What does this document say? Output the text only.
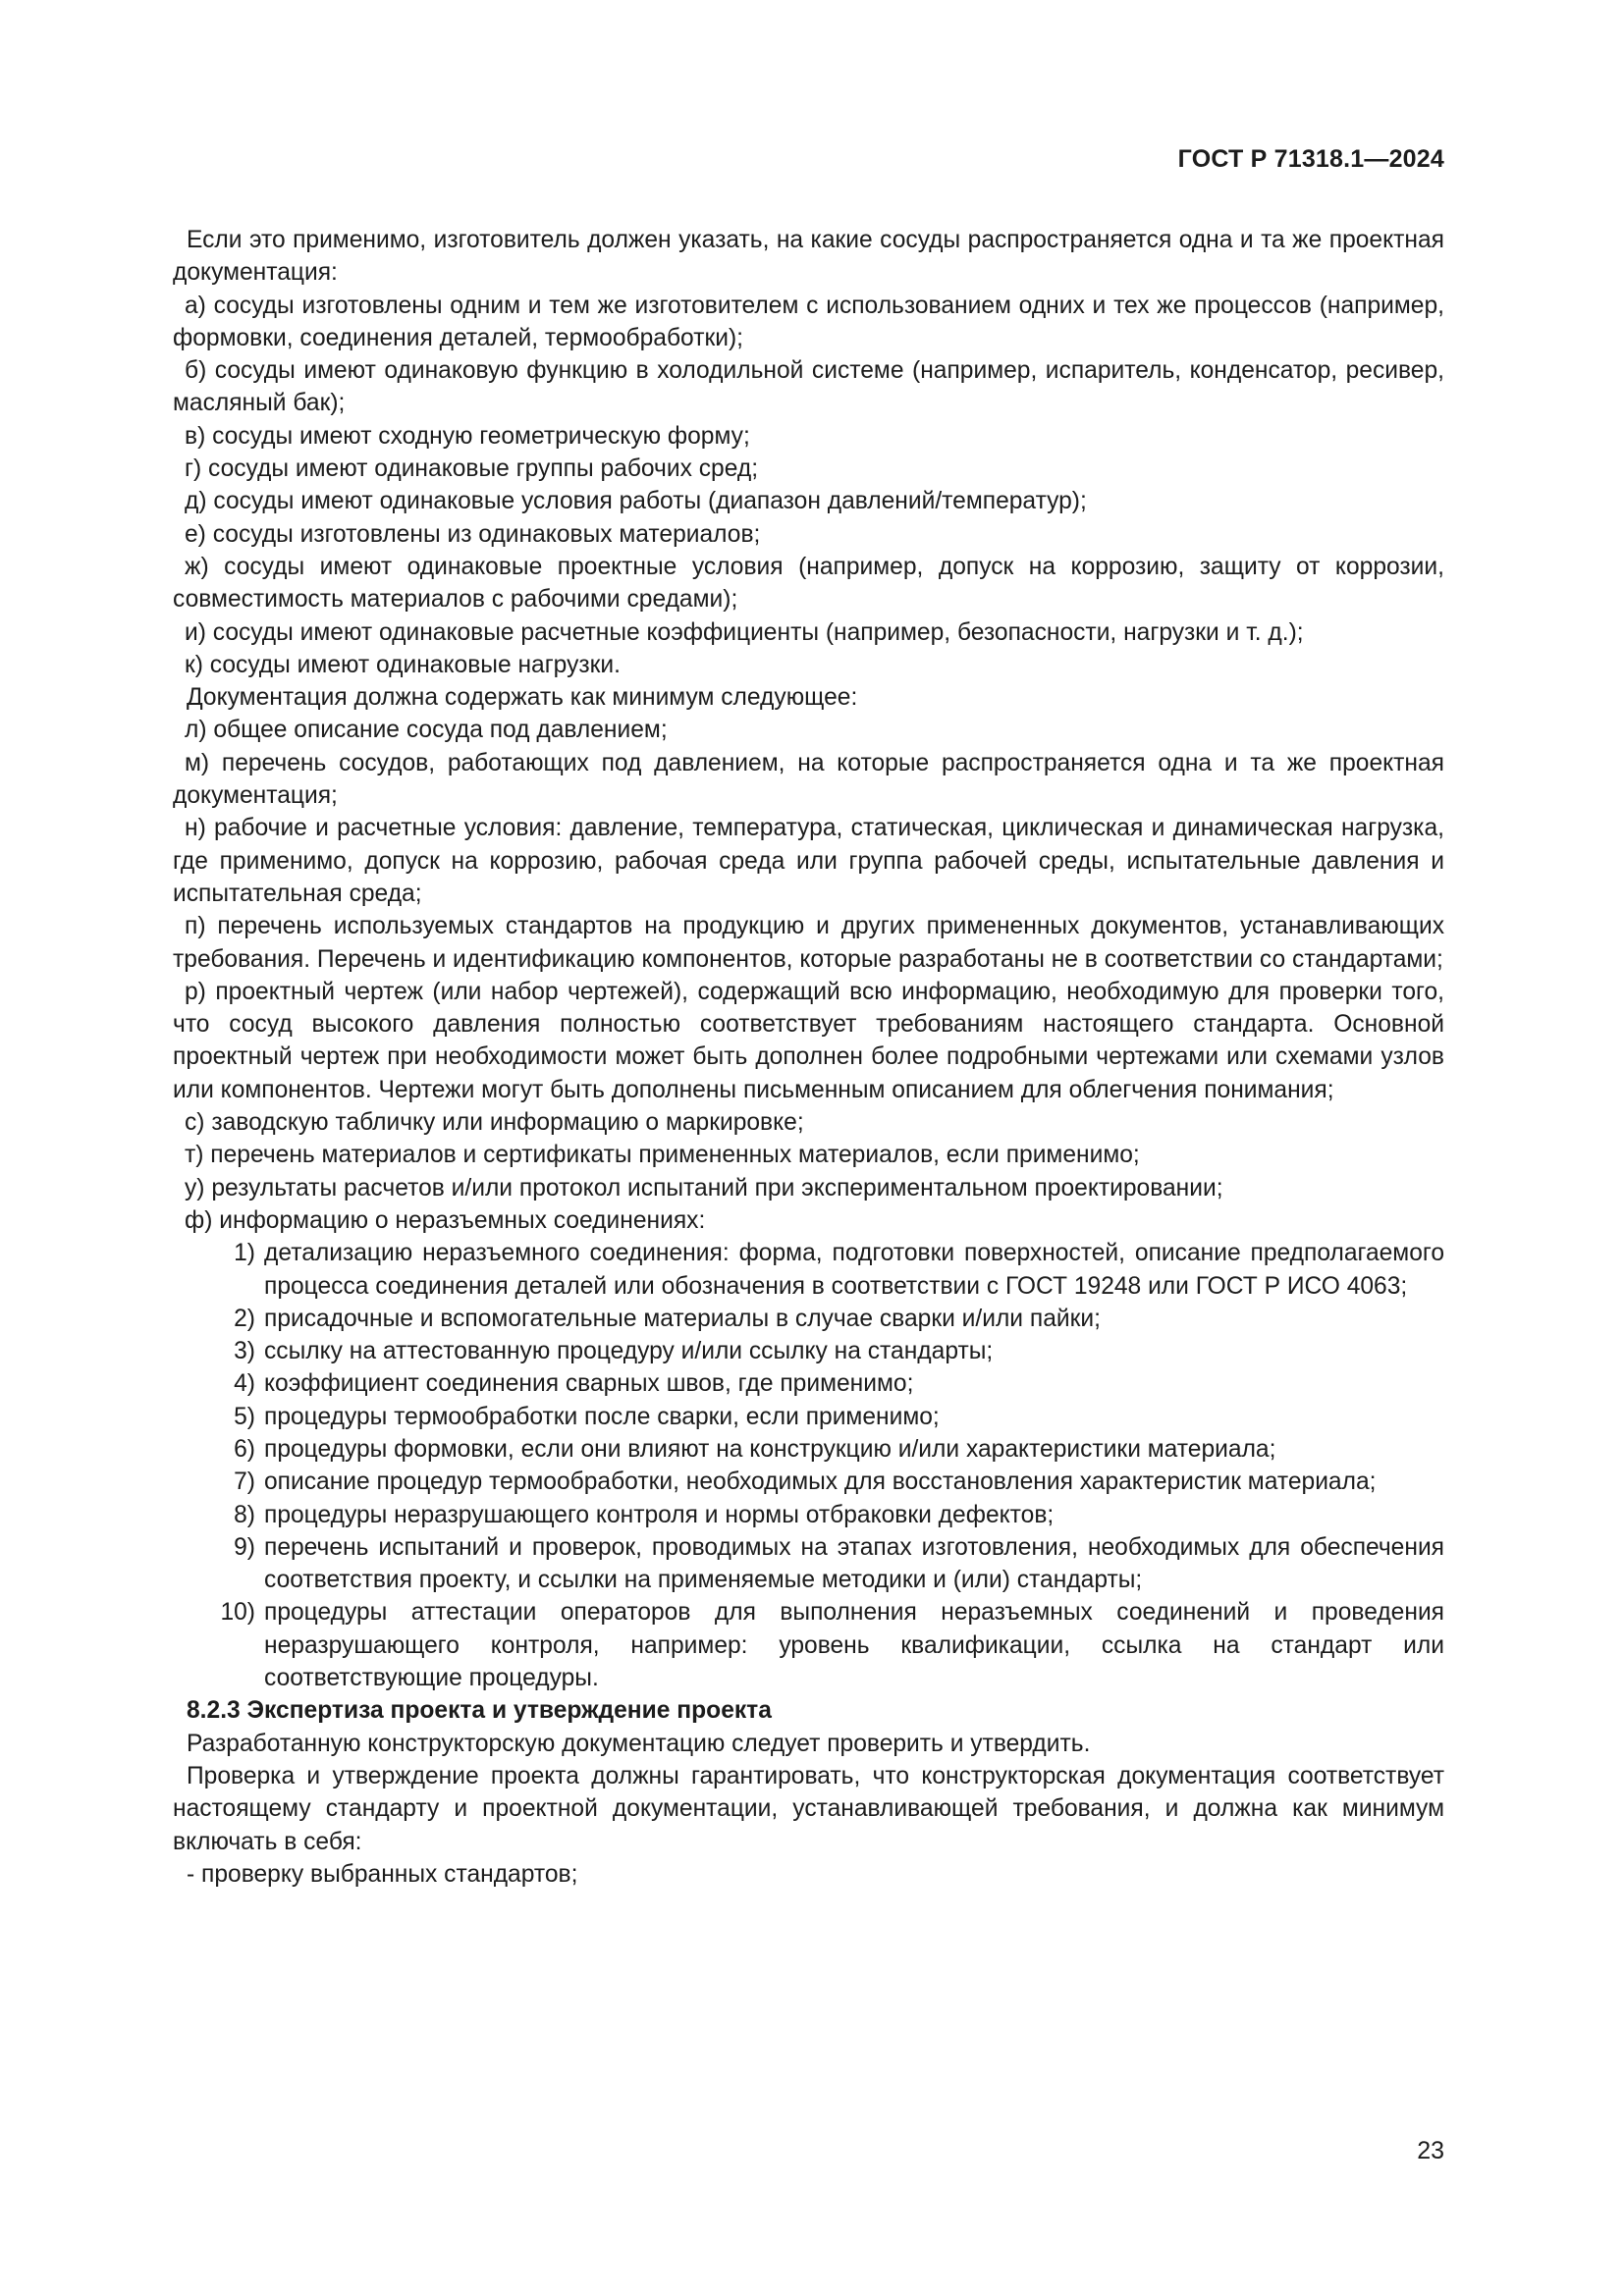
ГОСТ Р 71318.1—2024

Если это применимо, изготовитель должен указать, на какие сосуды распространяется одна и та же проектная документация:

а) сосуды изготовлены одним и тем же изготовителем с использованием одних и тех же процессов (например, формовки, соединения деталей, термообработки);

б) сосуды имеют одинаковую функцию в холодильной системе (например, испаритель, конденсатор, ресивер, масляный бак);

в) сосуды имеют сходную геометрическую форму;

г) сосуды имеют одинаковые группы рабочих сред;

д) сосуды имеют одинаковые условия работы (диапазон давлений/температур);

е) сосуды изготовлены из одинаковых материалов;

ж) сосуды имеют одинаковые проектные условия (например, допуск на коррозию, защиту от коррозии, совместимость материалов с рабочими средами);

и) сосуды имеют одинаковые расчетные коэффициенты (например, безопасности, нагрузки и т. д.);

к) сосуды имеют одинаковые нагрузки.

Документация должна содержать как минимум следующее:

л) общее описание сосуда под давлением;

м) перечень сосудов, работающих под давлением, на которые распространяется одна и та же проектная документация;

н) рабочие и расчетные условия: давление, температура, статическая, циклическая и динамическая нагрузка, где применимо, допуск на коррозию, рабочая среда или группа рабочей среды, испытательные давления и испытательная среда;

п) перечень используемых стандартов на продукцию и других примененных документов, устанавливающих требования. Перечень и идентификацию компонентов, которые разработаны не в соответствии со стандартами;

р) проектный чертеж (или набор чертежей), содержащий всю информацию, необходимую для проверки того, что сосуд высокого давления полностью соответствует требованиям настоящего стандарта. Основной проектный чертеж при необходимости может быть дополнен более подробными чертежами или схемами узлов или компонентов. Чертежи могут быть дополнены письменным описанием для облегчения понимания;

с) заводскую табличку или информацию о маркировке;

т) перечень материалов и сертификаты примененных материалов, если применимо;

у) результаты расчетов и/или протокол испытаний при экспериментальном проектировании;

ф) информацию о неразъемных соединениях:

1) детализацию неразъемного соединения: форма, подготовки поверхностей, описание предполагаемого процесса соединения деталей или обозначения в соответствии с ГОСТ 19248 или ГОСТ Р ИСО 4063;
2) присадочные и вспомогательные материалы в случае сварки и/или пайки;
3) ссылку на аттестованную процедуру и/или ссылку на стандарты;
4) коэффициент соединения сварных швов, где применимо;
5) процедуры термообработки после сварки, если применимо;
6) процедуры формовки, если они влияют на конструкцию и/или характеристики материала;
7) описание процедур термообработки, необходимых для восстановления характеристик материала;
8) процедуры неразрушающего контроля и нормы отбраковки дефектов;
9) перечень испытаний и проверок, проводимых на этапах изготовления, необходимых для обеспечения соответствия проекту, и ссылки на применяемые методики и (или) стандарты;
10) процедуры аттестации операторов для выполнения неразъемных соединений и проведения неразрушающего контроля, например: уровень квалификации, ссылка на стандарт или соответствующие процедуры.

8.2.3 Экспертиза проекта и утверждение проекта

Разработанную конструкторскую документацию следует проверить и утвердить.

Проверка и утверждение проекта должны гарантировать, что конструкторская документация соответствует настоящему стандарту и проектной документации, устанавливающей требования, и должна как минимум включать в себя:

- проверку выбранных стандартов;

23
